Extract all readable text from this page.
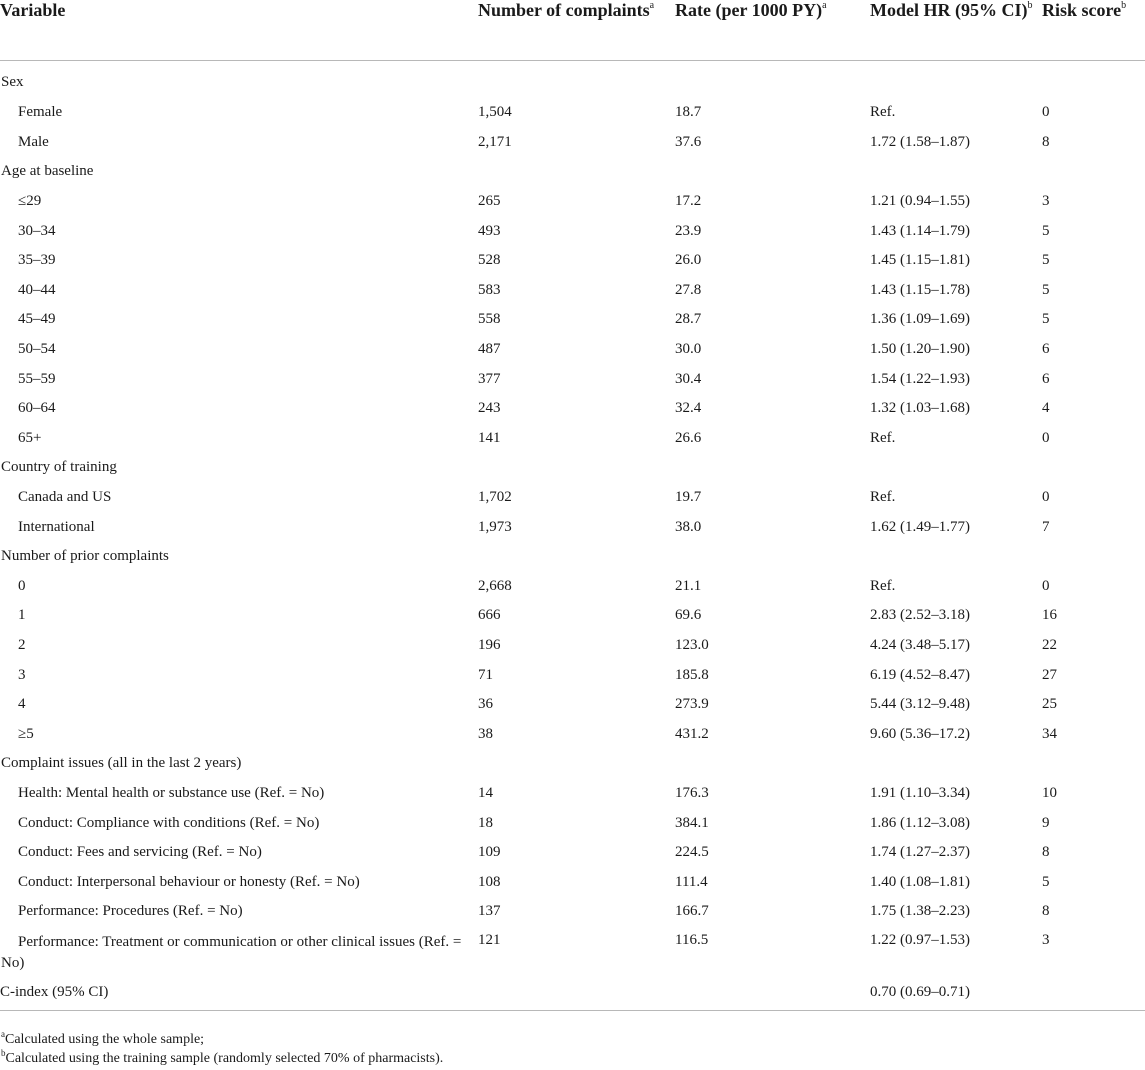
Variable	Number of complaints$^a$	Rate (per 1000 PY)$^a$	Model HR (95% CI)$^b$	Risk score$^b$
Sex				
Female	1,504	18.7	Ref.	0
Male	2,171	37.6	1.72 (1.58–1.87)	8
Age at baseline				
≤29	265	17.2	1.21 (0.94–1.55)	3
30–34	493	23.9	1.43 (1.14–1.79)	5
35–39	528	26.0	1.45 (1.15–1.81)	5
40–44	583	27.8	1.43 (1.15–1.78)	5
45–49	558	28.7	1.36 (1.09–1.69)	5
50–54	487	30.0	1.50 (1.20–1.90)	6
55–59	377	30.4	1.54 (1.22–1.93)	6
60–64	243	32.4	1.32 (1.03–1.68)	4
65+	141	26.6	Ref.	0
Country of training				
Canada and US	1,702	19.7	Ref.	0
International	1,973	38.0	1.62 (1.49–1.77)	7
Number of prior complaints				
0	2,668	21.1	Ref.	0
1	666	69.6	2.83 (2.52–3.18)	16
2	196	123.0	4.24 (3.48–5.17)	22
3	71	185.8	6.19 (4.52–8.47)	27
4	36	273.9	5.44 (3.12–9.48)	25
≥5	38	431.2	9.60 (5.36–17.2)	34
Complaint issues (all in the last 2 years)				
Health: Mental health or substance use (Ref. = No)	14	176.3	1.91 (1.10–3.34)	10
Conduct: Compliance with conditions (Ref. = No)	18	384.1	1.86 (1.12–3.08)	9
Conduct: Fees and servicing (Ref. = No)	109	224.5	1.74 (1.27–2.37)	8
Conduct: Interpersonal behaviour or honesty (Ref. = No)	108	111.4	1.40 (1.08–1.81)	5
Performance: Procedures (Ref. = No)	137	166.7	1.75 (1.38–2.23)	8
Performance: Treatment or communication or other clinical issues (Ref. = No)	121	116.5	1.22 (0.97–1.53)	3
C-index (95% CI)			0.70 (0.69–0.71)	
$^a$Calculated using the whole sample;
$^b$Calculated using the training sample (randomly selected 70% of pharmacists).
